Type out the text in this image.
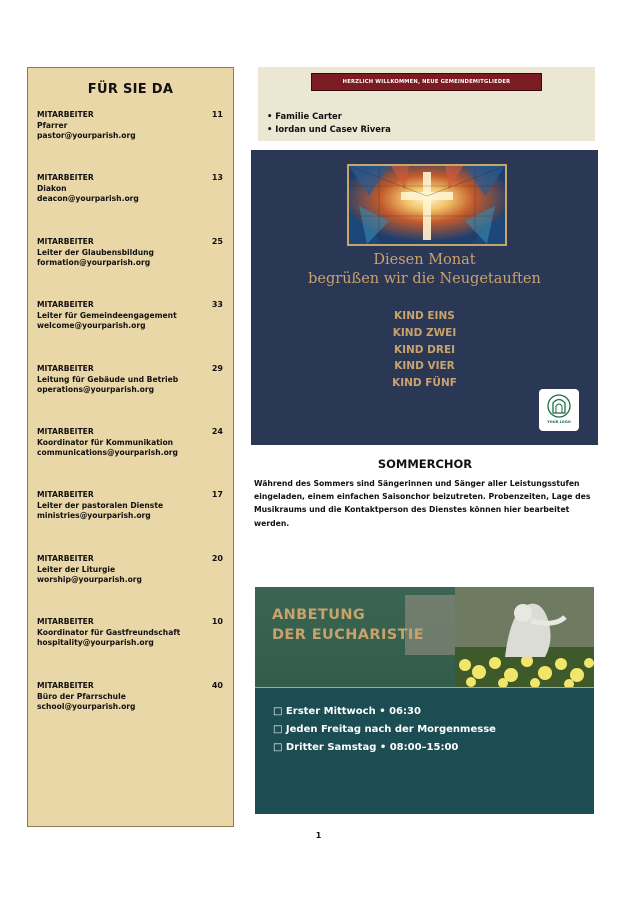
FÜR SIE DA
MITARBEITER
Pfarrer
pastor@yourparish.org
11
MITARBEITER
Diakon
deacon@yourparish.org
13
MITARBEITER
Leiter der Glaubensbildung
formation@yourparish.org
25
MITARBEITER
Leiter für Gemeindeengagement
welcome@yourparish.org
33
MITARBEITER
Leitung für Gebäude und Betrieb
operations@yourparish.org
29
MITARBEITER
Koordinator für Kommunikation
communications@yourparish.org
24
MITARBEITER
Leiter der pastoralen Dienste
ministries@yourparish.org
17
MITARBEITER
Leiter der Liturgie
worship@yourparish.org
20
MITARBEITER
Koordinator für Gastfreundschaft
hospitality@yourparish.org
10
MITARBEITER
Büro der Pfarrschule
school@yourparish.org
40
HERZLICH WILLKOMMEN, NEUE GEMEINDEMITGLIEDER
• Familie Carter
• Iordan und Casev Rivera
Diesen Monat
begrüßen wir die Neugetauften
KIND EINS
KIND ZWEI
KIND DREI
KIND VIER
KIND FÜNF
YOUR LOGO
SOMMERCHOR
Während des Sommers sind Sängerinnen und Sänger aller Leistungsstufen eingeladen, einem einfachen Saisonchor beizutreten. Probenzeiten, Lage des Musikraums und die Kontaktperson des Dienstes können hier bearbeitet werden.
ANBETUNG
DER EUCHARISTIE
□ Erster Mittwoch • 06:30
□ Jeden Freitag nach der Morgenmesse
□ Dritter Samstag • 08:00–15:00
1
